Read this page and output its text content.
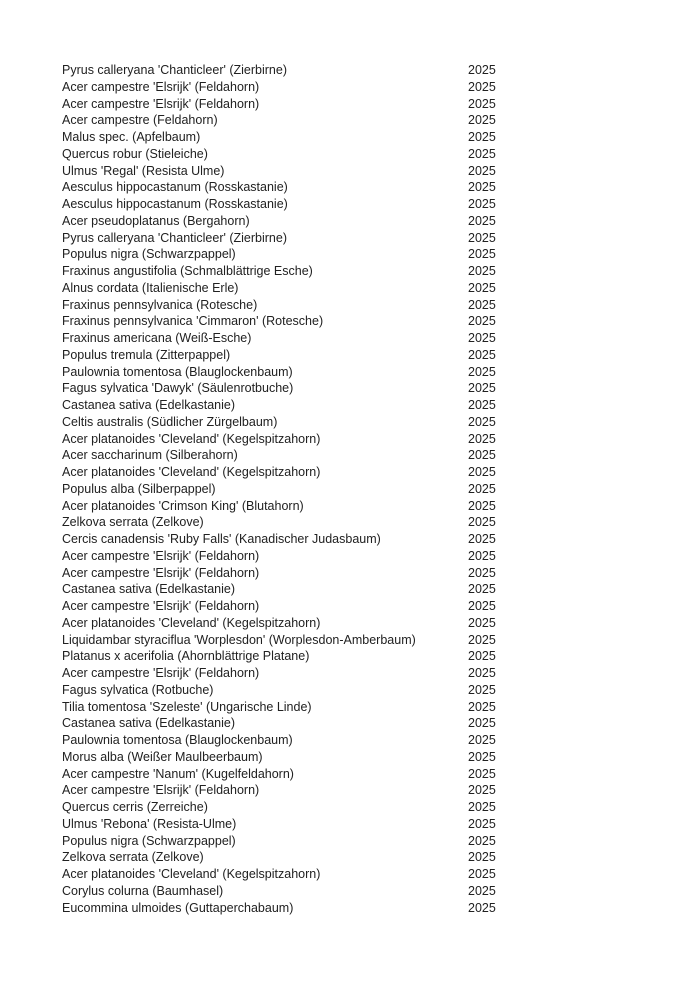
Pyrus calleryana 'Chanticleer' (Zierbirne)	2025
Acer campestre 'Elsrijk' (Feldahorn)	2025
Acer campestre 'Elsrijk' (Feldahorn)	2025
Acer campestre (Feldahorn)	2025
Malus spec. (Apfelbaum)	2025
Quercus robur (Stieleiche)	2025
Ulmus 'Regal' (Resista Ulme)	2025
Aesculus hippocastanum (Rosskastanie)	2025
Aesculus hippocastanum (Rosskastanie)	2025
Acer pseudoplatanus (Bergahorn)	2025
Pyrus calleryana 'Chanticleer' (Zierbirne)	2025
Populus nigra (Schwarzpappel)	2025
Fraxinus angustifolia (Schmalblättrige Esche)	2025
Alnus cordata (Italienische Erle)	2025
Fraxinus pennsylvanica (Rotesche)	2025
Fraxinus pennsylvanica 'Cimmaron' (Rotesche)	2025
Fraxinus americana (Weiß-Esche)	2025
Populus tremula (Zitterpappel)	2025
Paulownia tomentosa (Blauglockenbaum)	2025
Fagus sylvatica 'Dawyk' (Säulenrotbuche)	2025
Castanea sativa (Edelkastanie)	2025
Celtis australis (Südlicher Zürgelbaum)	2025
Acer platanoides 'Cleveland' (Kegelspitzahorn)	2025
Acer saccharinum (Silberahorn)	2025
Acer platanoides 'Cleveland' (Kegelspitzahorn)	2025
Populus alba (Silberpappel)	2025
Acer platanoides 'Crimson King' (Blutahorn)	2025
Zelkova serrata (Zelkove)	2025
Cercis canadensis 'Ruby Falls' (Kanadischer Judasbaum)	2025
Acer campestre 'Elsrijk' (Feldahorn)	2025
Acer campestre 'Elsrijk' (Feldahorn)	2025
Castanea sativa (Edelkastanie)	2025
Acer campestre 'Elsrijk' (Feldahorn)	2025
Acer platanoides 'Cleveland' (Kegelspitzahorn)	2025
Liquidambar styraciflua 'Worplesdon' (Worplesdon-Amberbaum)	2025
Platanus x acerifolia (Ahornblättrige Platane)	2025
Acer campestre 'Elsrijk' (Feldahorn)	2025
Fagus sylvatica (Rotbuche)	2025
Tilia tomentosa 'Szeleste' (Ungarische Linde)	2025
Castanea sativa (Edelkastanie)	2025
Paulownia tomentosa (Blauglockenbaum)	2025
Morus alba (Weißer Maulbeerbaum)	2025
Acer campestre 'Nanum' (Kugelfeldahorn)	2025
Acer campestre 'Elsrijk' (Feldahorn)	2025
Quercus cerris (Zerreiche)	2025
Ulmus 'Rebona' (Resista-Ulme)	2025
Populus nigra (Schwarzpappel)	2025
Zelkova serrata (Zelkove)	2025
Acer platanoides 'Cleveland' (Kegelspitzahorn)	2025
Corylus colurna (Baumhasel)	2025
Eucommina ulmoides (Guttaperchabaum)	2025
